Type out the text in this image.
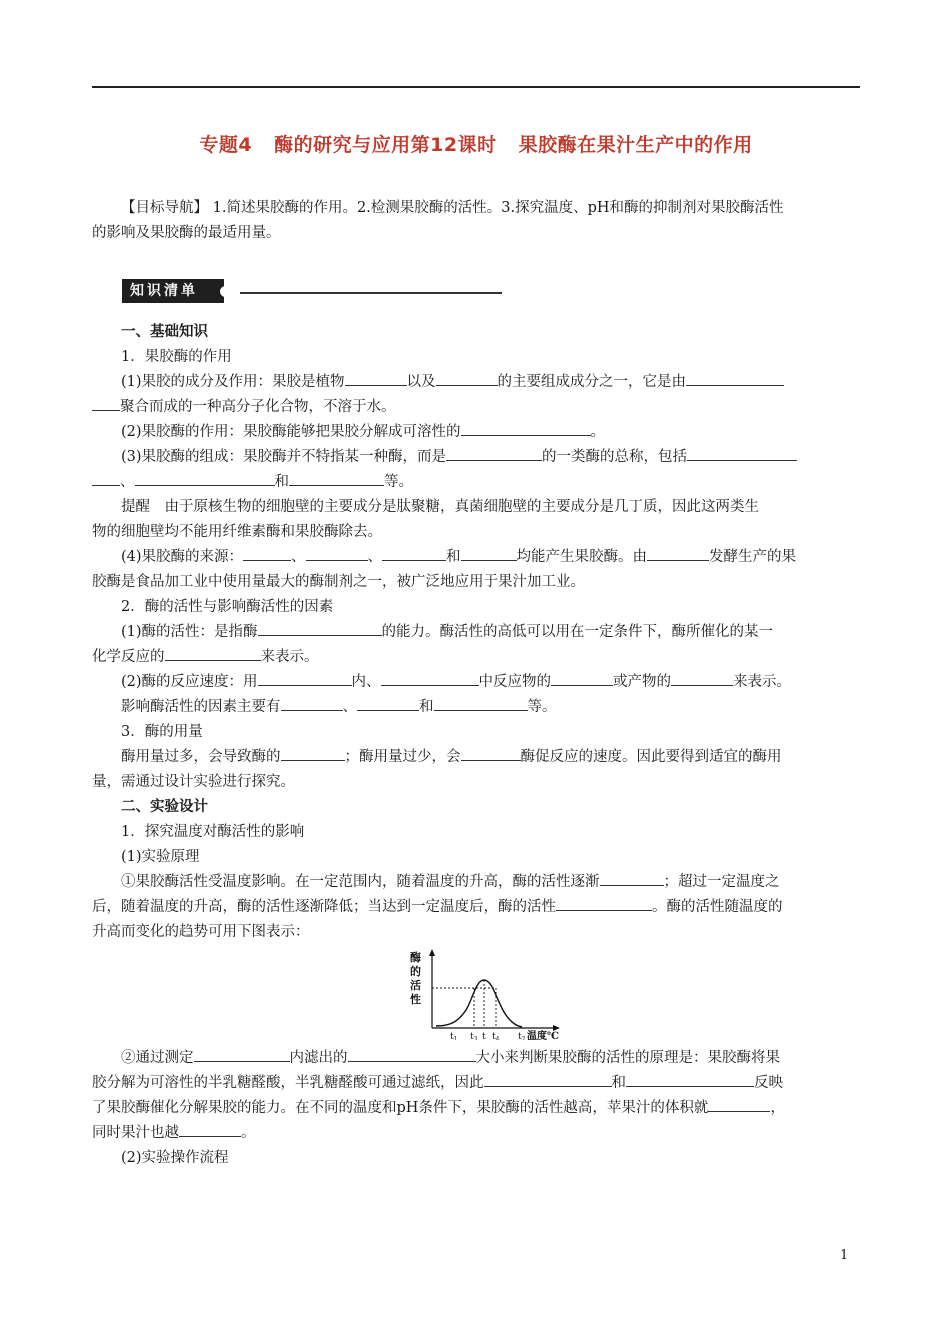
专题4 酶的研究与应用第12课时 果胶酶在果汁生产中的作用
【目标导航】 1.简述果胶酶的作用。2.检测果胶酶的活性。3.探究温度、pH和酶的抑制剂对果胶酶活性
的影响及果胶酶的最适用量。
知识清单
一、基础知识
1．果胶酶的作用
(1)果胶的成分及作用：果胶是植物	以及	的主要组成成分之一，它是由
聚合而成的一种高分子化合物，不溶于水。
(2)果胶酶的作用：果胶酶能够把果胶分解成可溶性的	。
(3)果胶酶的组成：果胶酶并不特指某一种酶，而是	的一类酶的总称，包括
、	和	等。
提醒　由于原核生物的细胞壁的主要成分是肽聚糖，真菌细胞壁的主要成分是几丁质，因此这两类生
物的细胞壁均不能用纤维素酶和果胶酶除去。
(4)果胶酶的来源：	、	、	和	均能产生果胶酶。由	发酵生产的果
胶酶是食品加工业中使用量最大的酶制剂之一，被广泛地应用于果汁加工业。
2．酶的活性与影响酶活性的因素
(1)酶的活性：是指酶	的能力。酶活性的高低可以用在一定条件下，酶所催化的某一
化学反应的	来表示。
(2)酶的反应速度：用	内、	中反应物的	或产物的	来表示。
影响酶活性的因素主要有	、	和	等。
3．酶的用量
酶用量过多，会导致酶的	；酶用量过少，会	酶促反应的速度。因此要得到适宜的酶用
量，需通过设计实验进行探究。
二、实验设计
1．探究温度对酶活性的影响
(1)实验原理
①果胶酶活性受温度影响。在一定范围内，随着温度的升高，酶的活性逐渐	；超过一定温度之
后，随着温度的升高，酶的活性逐渐降低；当达到一定温度后，酶的活性	。酶的活性随温度的
升高而变化的趋势可用下图表示：
酶
的
活
性
$t_1$ $t_3$ t $t_4$ $t_2$ 温度℃
②通过测定	内滤出的	大小来判断果胶酶的活性的原理是：果胶酶将果
胶分解为可溶性的半乳糖醛酸，半乳糖醛酸可通过滤纸，因此	和	反映
了果胶酶催化分解果胶的能力。在不同的温度和pH条件下，果胶酶的活性越高，苹果汁的体积就	，
同时果汁也越	。
(2)实验操作流程
1
